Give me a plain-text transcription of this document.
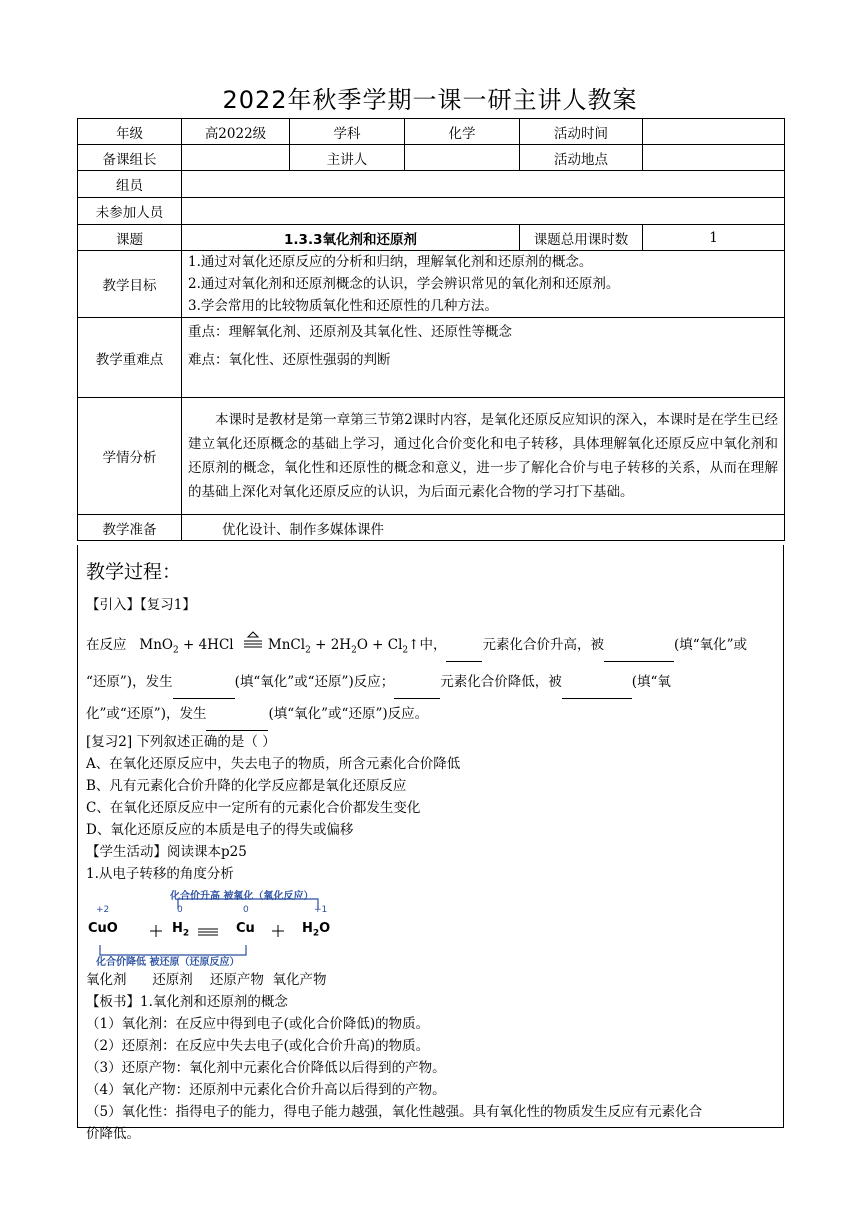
2022年秋季学期一课一研主讲人教案
年级	高2022级	学科	化学	活动时间	
备课组长		主讲人		活动地点	
组员					
未参加人员					
课题	1.3.3氧化剂和还原剂			课题总用课时数	1
教学目标	1.通过对氧化还原反应的分析和归纳，理解氧化剂和还原剂的概念。
2.通过对氧化剂和还原剂概念的认识，学会辨识常见的氧化剂和还原剂。
3.学会常用的比较物质氧化性和还原性的几种方法。				

教学重难点	重点：理解氧化剂、还原剂及其氧化性、还原性等概念
难点：氧化性、还原性强弱的判断				

学情分析	本课时是教材是第一章第三节第2课时内容，是氧化还原反应知识的深入，本课时是在学生已经建立氧化还原概念的基础上学习，通过化合价变化和电子转移，具体理解氧化还原反应中氧化剂和还原剂的概念，氧化性和还原性的概念和意义，进一步了解化合价与电子转移的关系，从而在理解的基础上深化对氧化还原反应的认识，为后面元素化合物的学习打下基础。				

教学准备	优化设计、制作多媒体课件				
教学过程：
【引入】【复习1】
在反应   MnO$_2$ + 4HCl MnCl$_2$ + $2H_2O$ + $Cl_2↑$中，	元素化合价升高，被	(填“氧化”或
“还原”)，发生	(填“氧化”或“还原”)反应；	元素化合价降低，被	(填“氧
化”或“还原”)，发生	(填“氧化”或“还原”)反应。
[复习2] 下列叙述正确的是（ ）
A、在氧化还原反应中，失去电子的物质，所含元素化合价降低
B、凡有元素化合价升降的化学反应都是氧化还原反应
C、在氧化还原反应中一定所有的元素化合价都发生变化
D、氧化还原反应的本质是电子的得失或偏移
【学生活动】阅读课本p25
1.从电子转移的角度分析
化合价升高 被氧化（氧化反应）
+2	0	0	+1
CuO	$H_2$	Cu	$H_2O$
化合价降低 被还原（还原反应）
氧化剂      还原剂    还原产物  氧化产物
【板书】1.氧化剂和还原剂的概念
（1）氧化剂：在反应中得到电子(或化合价降低)的物质。
（2）还原剂：在反应中失去电子(或化合价升高)的物质。
（3）还原产物：氧化剂中元素化合价降低以后得到的产物。
（4）氧化产物：还原剂中元素化合价升高以后得到的产物。
（5）氧化性：指得电子的能力，得电子能力越强，氧化性越强。具有氧化性的物质发生反应有元素化合
价降低。
